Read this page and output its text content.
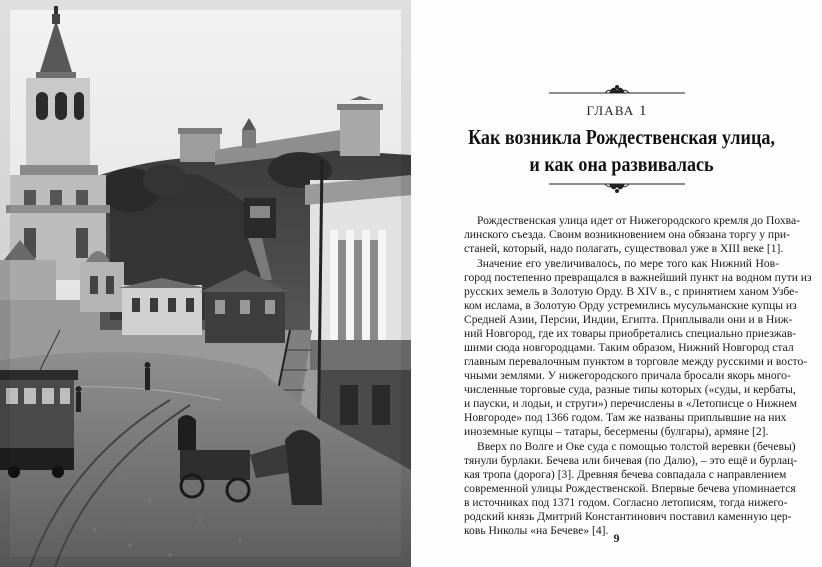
ГЛАВА 1
Как возникла Рождественская улица,
и как она развивалась
Рождественская улица идет от Нижегородского кремля до Похва-
линского съезда. Своим возникновением она обязана торгу у при-
станей, который, надо полагать, существовал уже в XIII веке [1].
Значение его увеличивалось, по мере того как Нижний Нов-
город постепенно превращался в важнейший пункт на водном пути из
русских земель в Золотую Орду. В XIV в., с принятием ханом Узбе-
ком ислама, в Золотую Орду устремились мусульманские купцы из
Средней Азии, Персии, Индии, Египта. Приплывали они и в Ниж-
ний Новгород, где их товары приобретались специально приезжав-
шими сюда новгородцами. Таким образом, Нижний Новгород стал
главным перевалочным пунктом в торговле между русскими и восто-
чными землями. У нижегородского причала бросали якорь много-
численные торговые суда, разные типы которых («суды, и кербаты,
и пауски, и лодьи, и струги») перечислены в «Летописце о Нижнем
Новгороде» под 1366 годом. Там же названы приплывшие на них
иноземные купцы – татары, бесермены (булгары), армяне [2].
Вверх по Волге и Оке суда с помощью толстой веревки (бечевы)
тянули бурлаки. Бечева или бичевая (по Далю), – это ещё и бурлац-
кая тропа (дорога) [3]. Древняя бечева совпадала с направлением
современной улицы Рождественской. Впервые бечева упоминается
в источниках под 1371 годом. Согласно летописям, тогда нижего-
родский князь Дмитрий Константинович поставил каменную цер-
ковь Николы «на Бечеве» [4].
9
